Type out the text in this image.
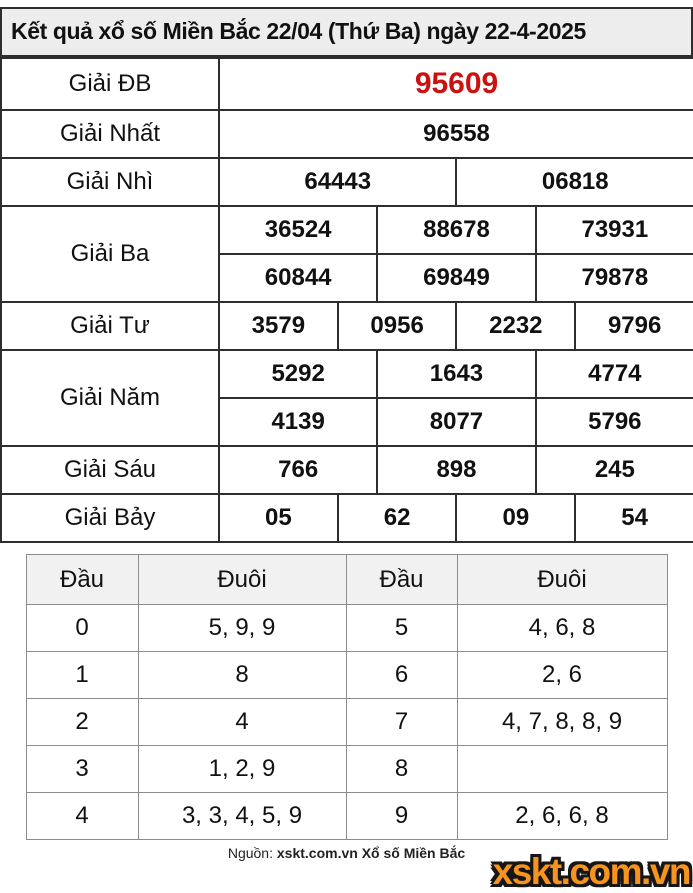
Kết quả xổ số Miền Bắc 22/04 (Thứ Ba) ngày 22-4-2025
Giải ĐB	95609					
Giải Nhất	96558					
Giải Nhì	64443			06818		
Giải Ba	36524		88678		73931	
	60844		69849		79878	
Giải Tư	3579	0956		2232		9796
Giải Năm	5292		1643		4774	
	4139		8077		5796	
Giải Sáu	766		898		245	
Giải Bảy	05	62		09		54
Đầu	Đuôi	Đầu	Đuôi
0	5, 9, 9	5	4, 6, 8
1	8	6	2, 6
2	4	7	4, 7, 8, 8, 9
3	1, 2, 9	8	
4	3, 3, 4, 5, 9	9	2, 6, 6, 8
Nguồn: xskt.com.vn Xổ số Miền Bắc xskt.com.vn
